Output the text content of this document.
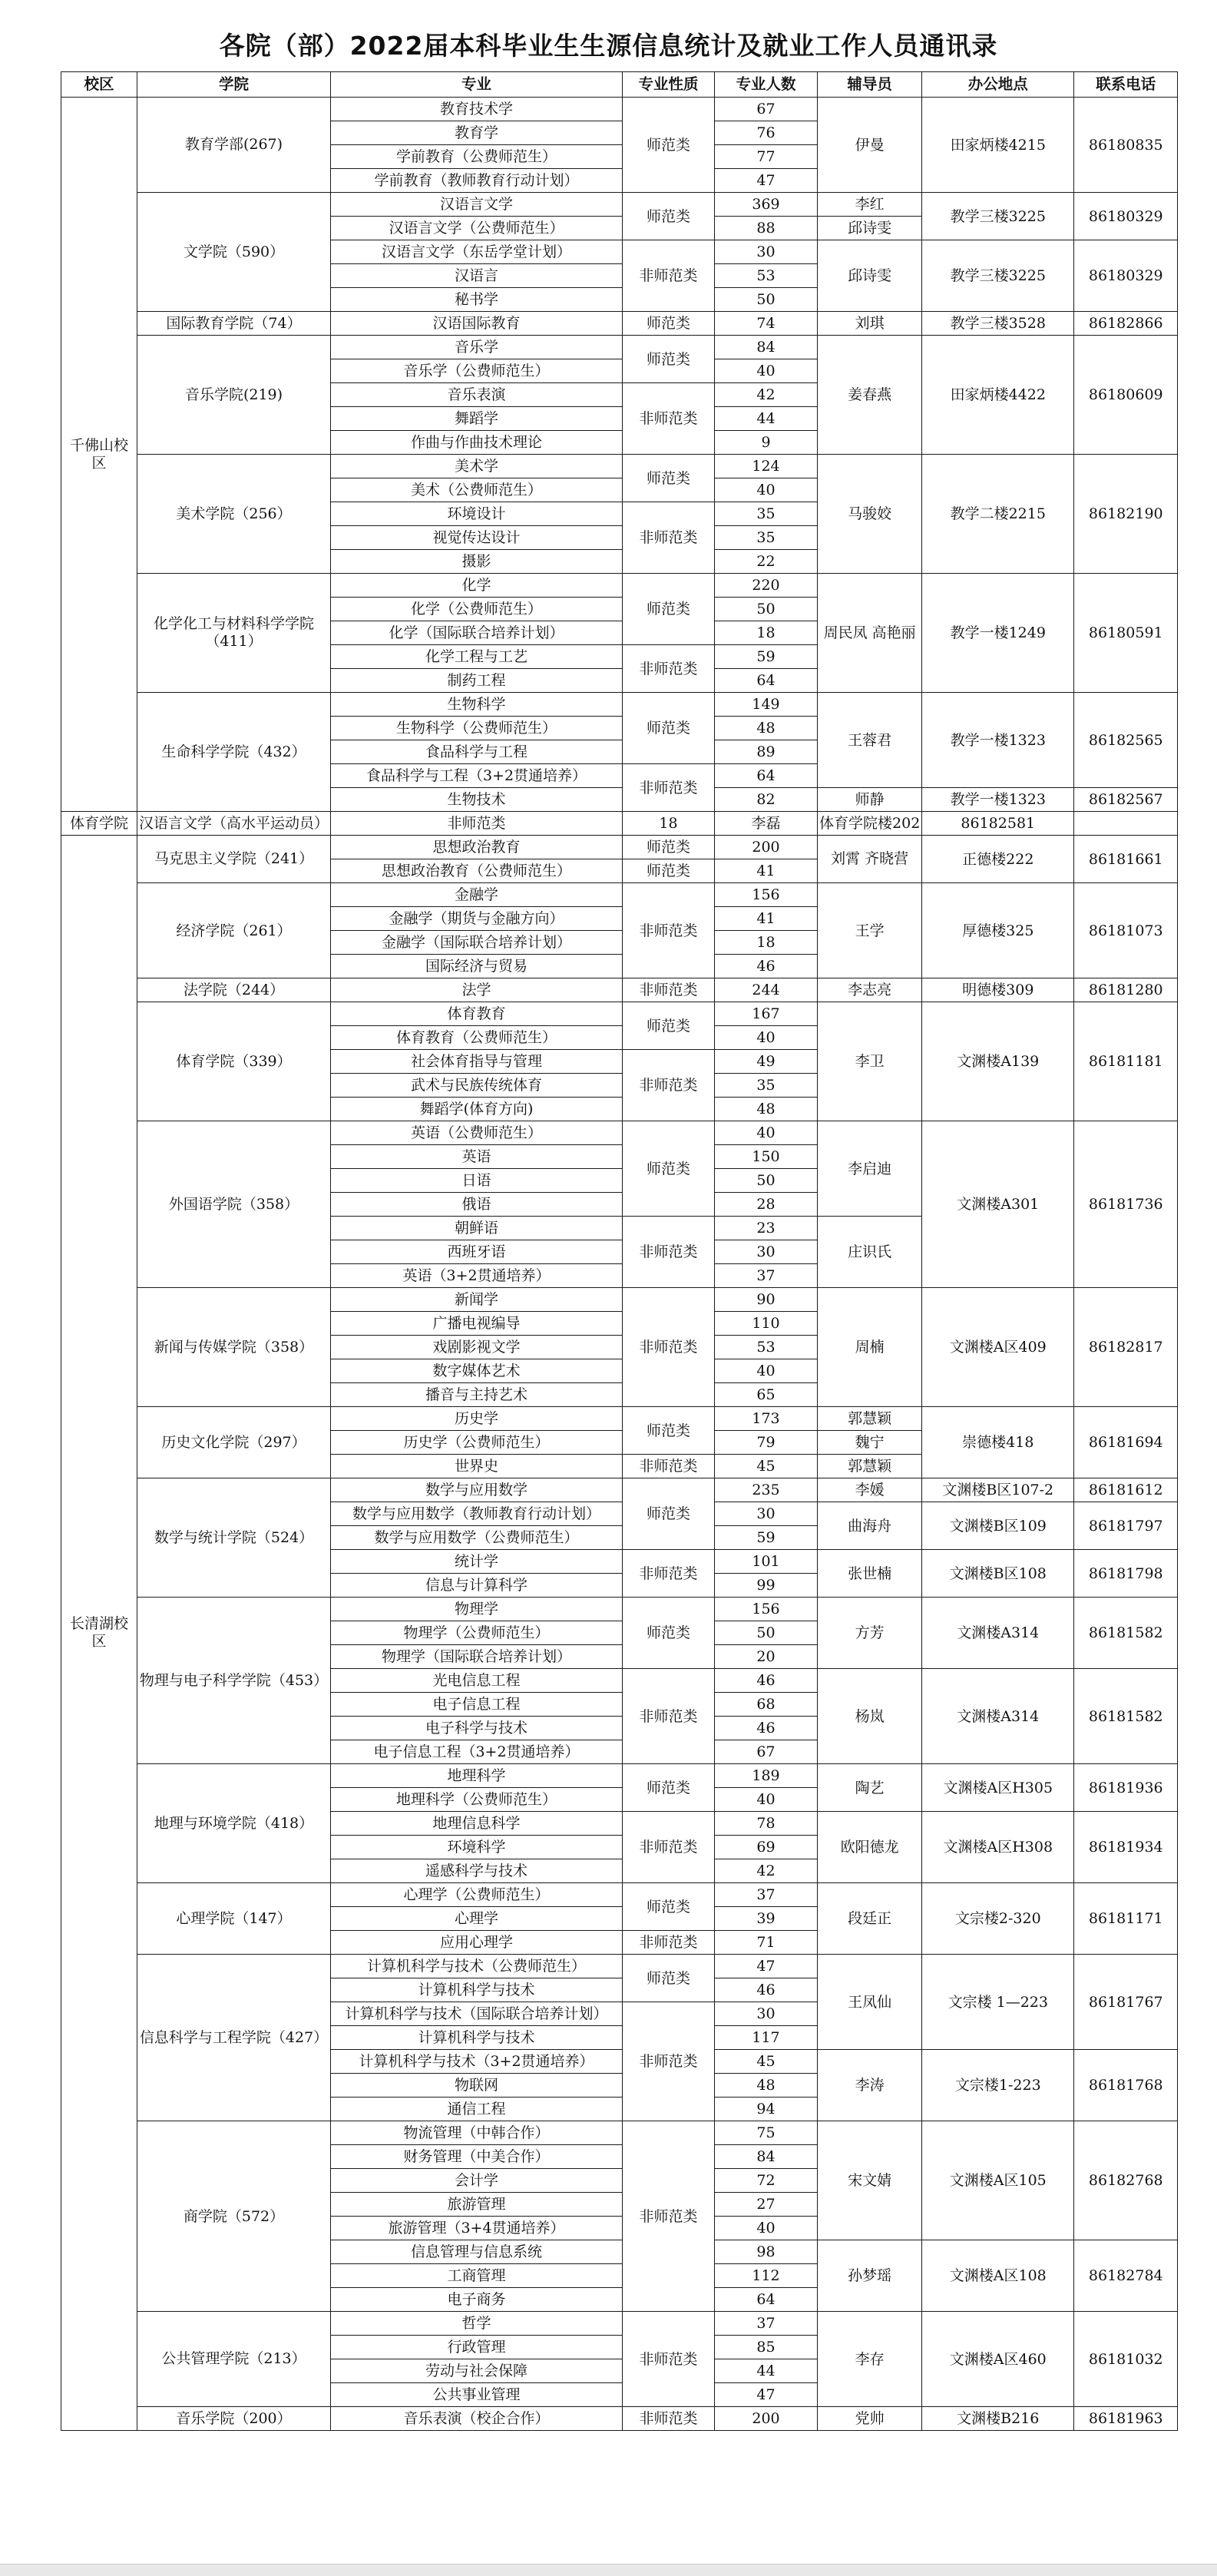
各院（部）2022届本科毕业生生源信息统计及就业工作人员通讯录
校区	学院	专业	专业性质	专业人数	辅导员	办公地点	联系电话
千佛山校区	教育学部(267)	教育技术学	师范类	67	伊曼	田家炳楼4215	86180835
		教育学		76			
		学前教育（公费师范生）		77			
		学前教育（教师教育行动计划）		47			
	文学院（590）	汉语言文学	师范类	369	李红	教学三楼3225	86180329
		汉语言文学（公费师范生）		88	邱诗雯		
		汉语言文学（东岳学堂计划）	非师范类	30	邱诗雯	教学三楼3225	86180329
		汉语言		53			
		秘书学		50			
	国际教育学院（74）	汉语国际教育	师范类	74	刘琪	教学三楼3528	86182866
	音乐学院(219)	音乐学	师范类	84	姜春燕	田家炳楼4422	86180609
		音乐学（公费师范生）		40			
		音乐表演	非师范类	42			
		舞蹈学		44			
		作曲与作曲技术理论		9			
	美术学院（256）	美术学	师范类	124	马骏姣	教学二楼2215	86182190
		美术（公费师范生）		40			
		环境设计	非师范类	35			
		视觉传达设计		35			
		摄影		22			
	化学化工与材料科学学院（411）	化学	师范类	220	周民凤 高艳丽	教学一楼1249	86180591
		化学（公费师范生）		50			
		化学（国际联合培养计划）		18			
		化学工程与工艺	非师范类	59			
		制药工程		64			
	生命科学学院（432）	生物科学	师范类	149	王蓉君	教学一楼1323	86182565
		生物科学（公费师范生）		48			
		食品科学与工程		89			
		食品科学与工程（3+2贯通培养）	非师范类	64			
		生物技术		82	师静	教学一楼1323	86182567
体育学院	汉语言文学（高水平运动员）	非师范类	18	李磊	体育学院楼202	86182581	
长清湖校区	马克思主义学院（241）	思想政治教育	师范类	200	刘霄 齐晓营	正德楼222	86181661
		思想政治教育（公费师范生）	师范类	41			
	经济学院（261）	金融学	非师范类	156	王学	厚德楼325	86181073
		金融学（期货与金融方向）		41			
		金融学（国际联合培养计划）		18			
		国际经济与贸易		46			
	法学院（244）	法学	非师范类	244	李志亮	明德楼309	86181280
	体育学院（339）	体育教育	师范类	167	李卫	文渊楼A139	86181181
		体育教育（公费师范生）		40			
		社会体育指导与管理	非师范类	49			
		武术与民族传统体育		35			
		舞蹈学(体育方向)		48			
	外国语学院（358）	英语（公费师范生）	师范类	40	李启迪	文渊楼A301	86181736
		英语		150			
		日语		50			
		俄语		28			
		朝鲜语	非师范类	23	庄识氏		
		西班牙语		30			
		英语（3+2贯通培养）		37			
	新闻与传媒学院（358）	新闻学	非师范类	90	周楠	文渊楼A区409	86182817
		广播电视编导		110			
		戏剧影视文学		53			
		数字媒体艺术		40			
		播音与主持艺术		65			
	历史文化学院（297）	历史学	师范类	173	郭慧颖	崇德楼418	86181694
		历史学（公费师范生）		79	魏宁		
		世界史	非师范类	45	郭慧颖		
	数学与统计学院（524）	数学与应用数学	师范类	235	李媛	文渊楼B区107-2	86181612
		数学与应用数学（教师教育行动计划）		30	曲海舟	文渊楼B区109	86181797
		数学与应用数学（公费师范生）		59			
		统计学	非师范类	101	张世楠	文渊楼B区108	86181798
		信息与计算科学		99			
	物理与电子科学学院（453）	物理学	师范类	156	方芳	文渊楼A314	86181582
		物理学（公费师范生）		50			
		物理学（国际联合培养计划）		20			
		光电信息工程	非师范类	46	杨岚	文渊楼A314	86181582
		电子信息工程		68			
		电子科学与技术		46			
		电子信息工程（3+2贯通培养）		67			
	地理与环境学院（418）	地理科学	师范类	189	陶艺	文渊楼A区H305	86181936
		地理科学（公费师范生）		40			
		地理信息科学	非师范类	78	欧阳德龙	文渊楼A区H308	86181934
		环境科学		69			
		遥感科学与技术		42			
	心理学院（147）	心理学（公费师范生）	师范类	37	段廷正	文宗楼2-320	86181171
		心理学		39			
		应用心理学	非师范类	71			
	信息科学与工程学院（427）	计算机科学与技术（公费师范生）	师范类	47	王凤仙	文宗楼 1—223	86181767
		计算机科学与技术		46			
		计算机科学与技术（国际联合培养计划）	非师范类	30			
		计算机科学与技术		117			
		计算机科学与技术（3+2贯通培养）		45	李涛	文宗楼1-223	86181768
		物联网		48			
		通信工程		94			
	商学院（572）	物流管理（中韩合作）	非师范类	75	宋文婧	文渊楼A区105	86182768
		财务管理（中美合作）		84			
		会计学		72			
		旅游管理		27			
		旅游管理（3+4贯通培养）		40			
		信息管理与信息系统		98	孙梦瑶	文渊楼A区108	86182784
		工商管理		112			
		电子商务		64			
	公共管理学院（213）	哲学	非师范类	37	李存	文渊楼A区460	86181032
		行政管理		85			
		劳动与社会保障		44			
		公共事业管理		47			
	音乐学院（200）	音乐表演（校企合作）	非师范类	200	党帅	文渊楼B216	86181963
